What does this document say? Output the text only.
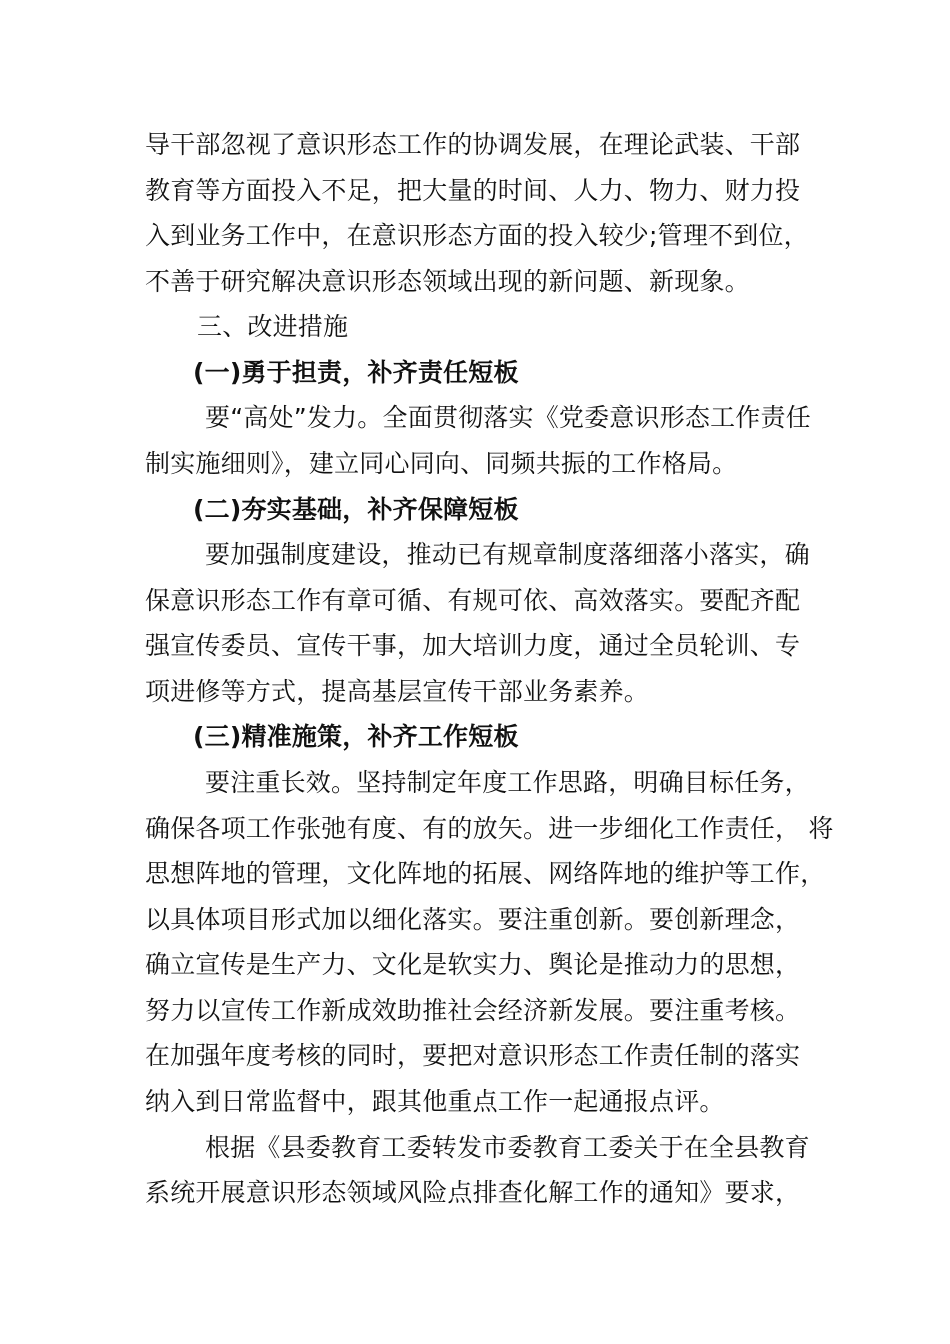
导干部忽视了意识形态工作的协调发展，在理论武装、干部
教育等方面投入不足，把大量的时间、人力、物力、财力投
入到业务工作中，在意识形态方面的投入较少;管理不到位，
不善于研究解决意识形态领域出现的新问题、新现象。
三、改进措施
(一)勇于担责，补齐责任短板
要“高处”发力。全面贯彻落实《党委意识形态工作责任
制实施细则》，建立同心同向、同频共振的工作格局。
(二)夯实基础，补齐保障短板
要加强制度建设，推动已有规章制度落细落小落实，确
保意识形态工作有章可循、有规可依、高效落实。要配齐配
强宣传委员、宣传干事，加大培训力度，通过全员轮训、专
项进修等方式，提高基层宣传干部业务素养。
(三)精准施策，补齐工作短板
要注重长效。坚持制定年度工作思路，明确目标任务，
确保各项工作张弛有度、有的放矢。进一步细化工作责任， 将
思想阵地的管理，文化阵地的拓展、网络阵地的维护等工作，
以具体项目形式加以细化落实。要注重创新。要创新理念，
确立宣传是生产力、文化是软实力、舆论是推动力的思想，
努力以宣传工作新成效助推社会经济新发展。要注重考核。
在加强年度考核的同时，要把对意识形态工作责任制的落实
纳入到日常监督中，跟其他重点工作一起通报点评。
根据《县委教育工委转发市委教育工委关于在全县教育
系统开展意识形态领域风险点排查化解工作的通知》要求，
